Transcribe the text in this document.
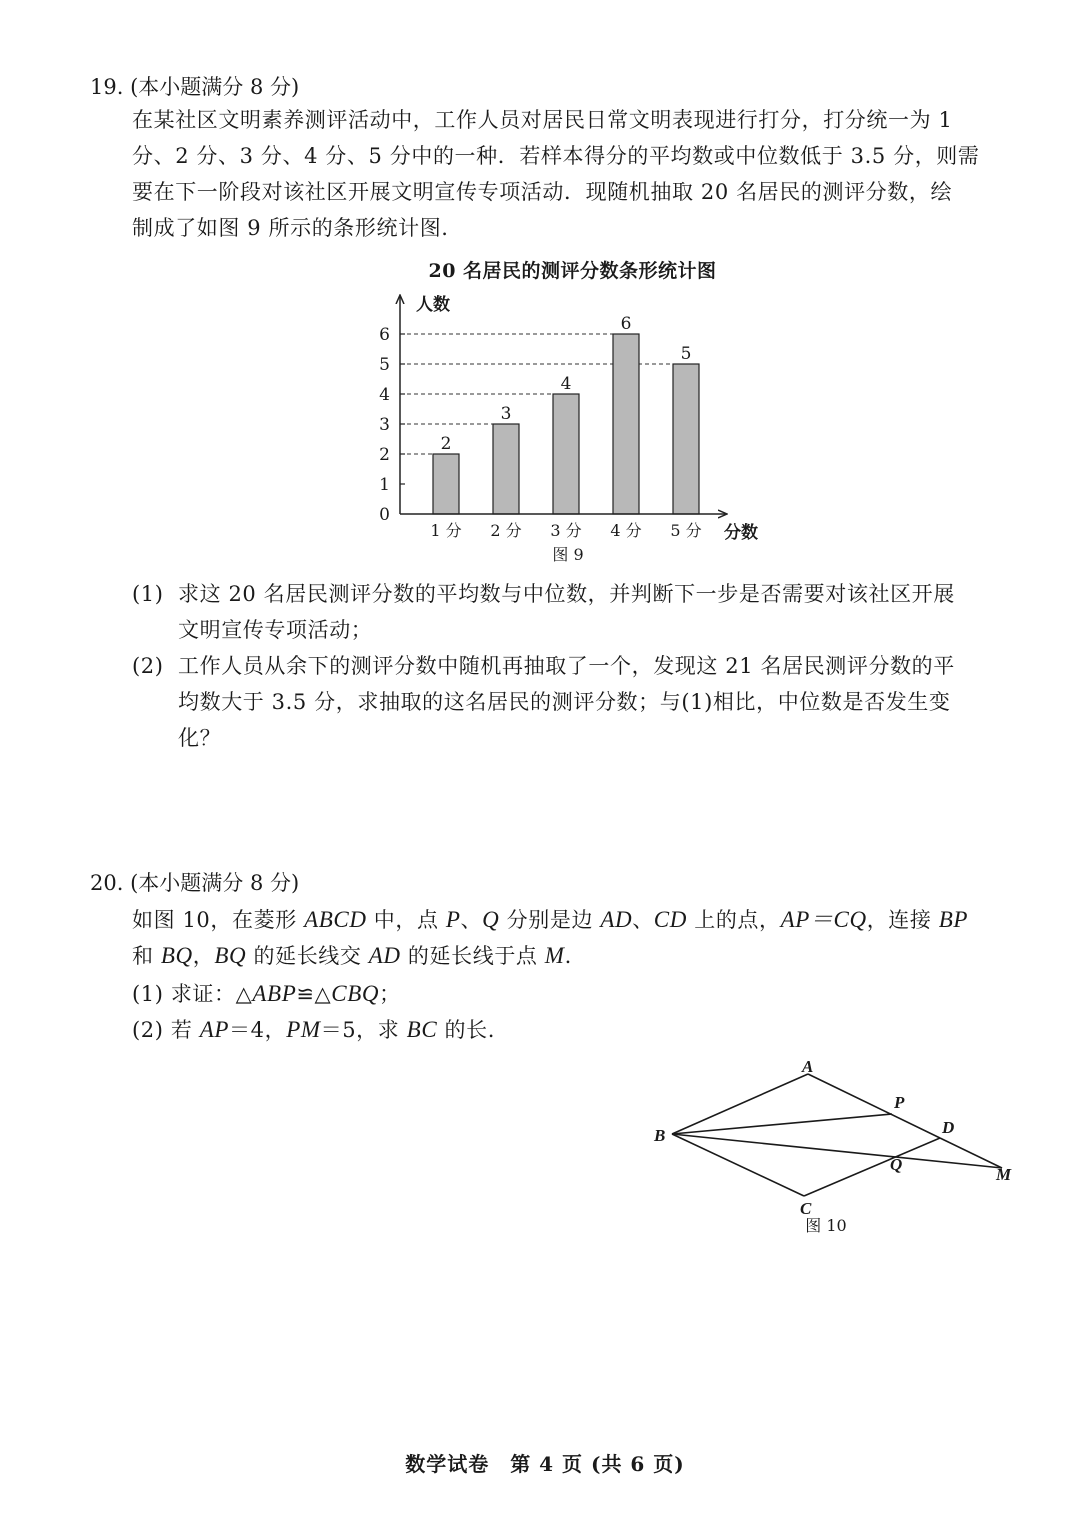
19. (本小题满分 8 分)
在某社区文明素养测评活动中，工作人员对居民日常文明表现进行打分，打分统一为 1
分、2 分、3 分、4 分、5 分中的一种．若样本得分的平均数或中位数低于 3.5 分，则需
要在下一阶段对该社区开展文明宣传专项活动．现随机抽取 20 名居民的测评分数，绘
制成了如图 9 所示的条形统计图.
20 名居民的测评分数条形统计图
2
3
4
6
5
0
1
2
3
4
5
6
1 分 2 分 3 分 4 分 5 分
人数
分数
图 9
(1) 求这 20 名居民测评分数的平均数与中位数，并判断下一步是否需要对该社区开展
文明宣传专项活动；
(2) 工作人员从余下的测评分数中随机再抽取了一个，发现这 21 名居民测评分数的平
均数大于 3.5 分，求抽取的这名居民的测评分数；与(1)相比，中位数是否发生变
化？
20. (本小题满分 8 分)
如图 10，在菱形 ABCD 中，点 P、Q 分别是边 AD、CD 上的点，AP＝CQ，连接 BP
和 BQ，BQ 的延长线交 AD 的延长线于点 M.
(1) 求证：△ABP≌△CBQ；
(2) 若 AP＝4，PM＝5，求 BC 的长.
A
B
C
D
P
Q
M
图 10
数学试卷　第 4 页 (共 6 页)
